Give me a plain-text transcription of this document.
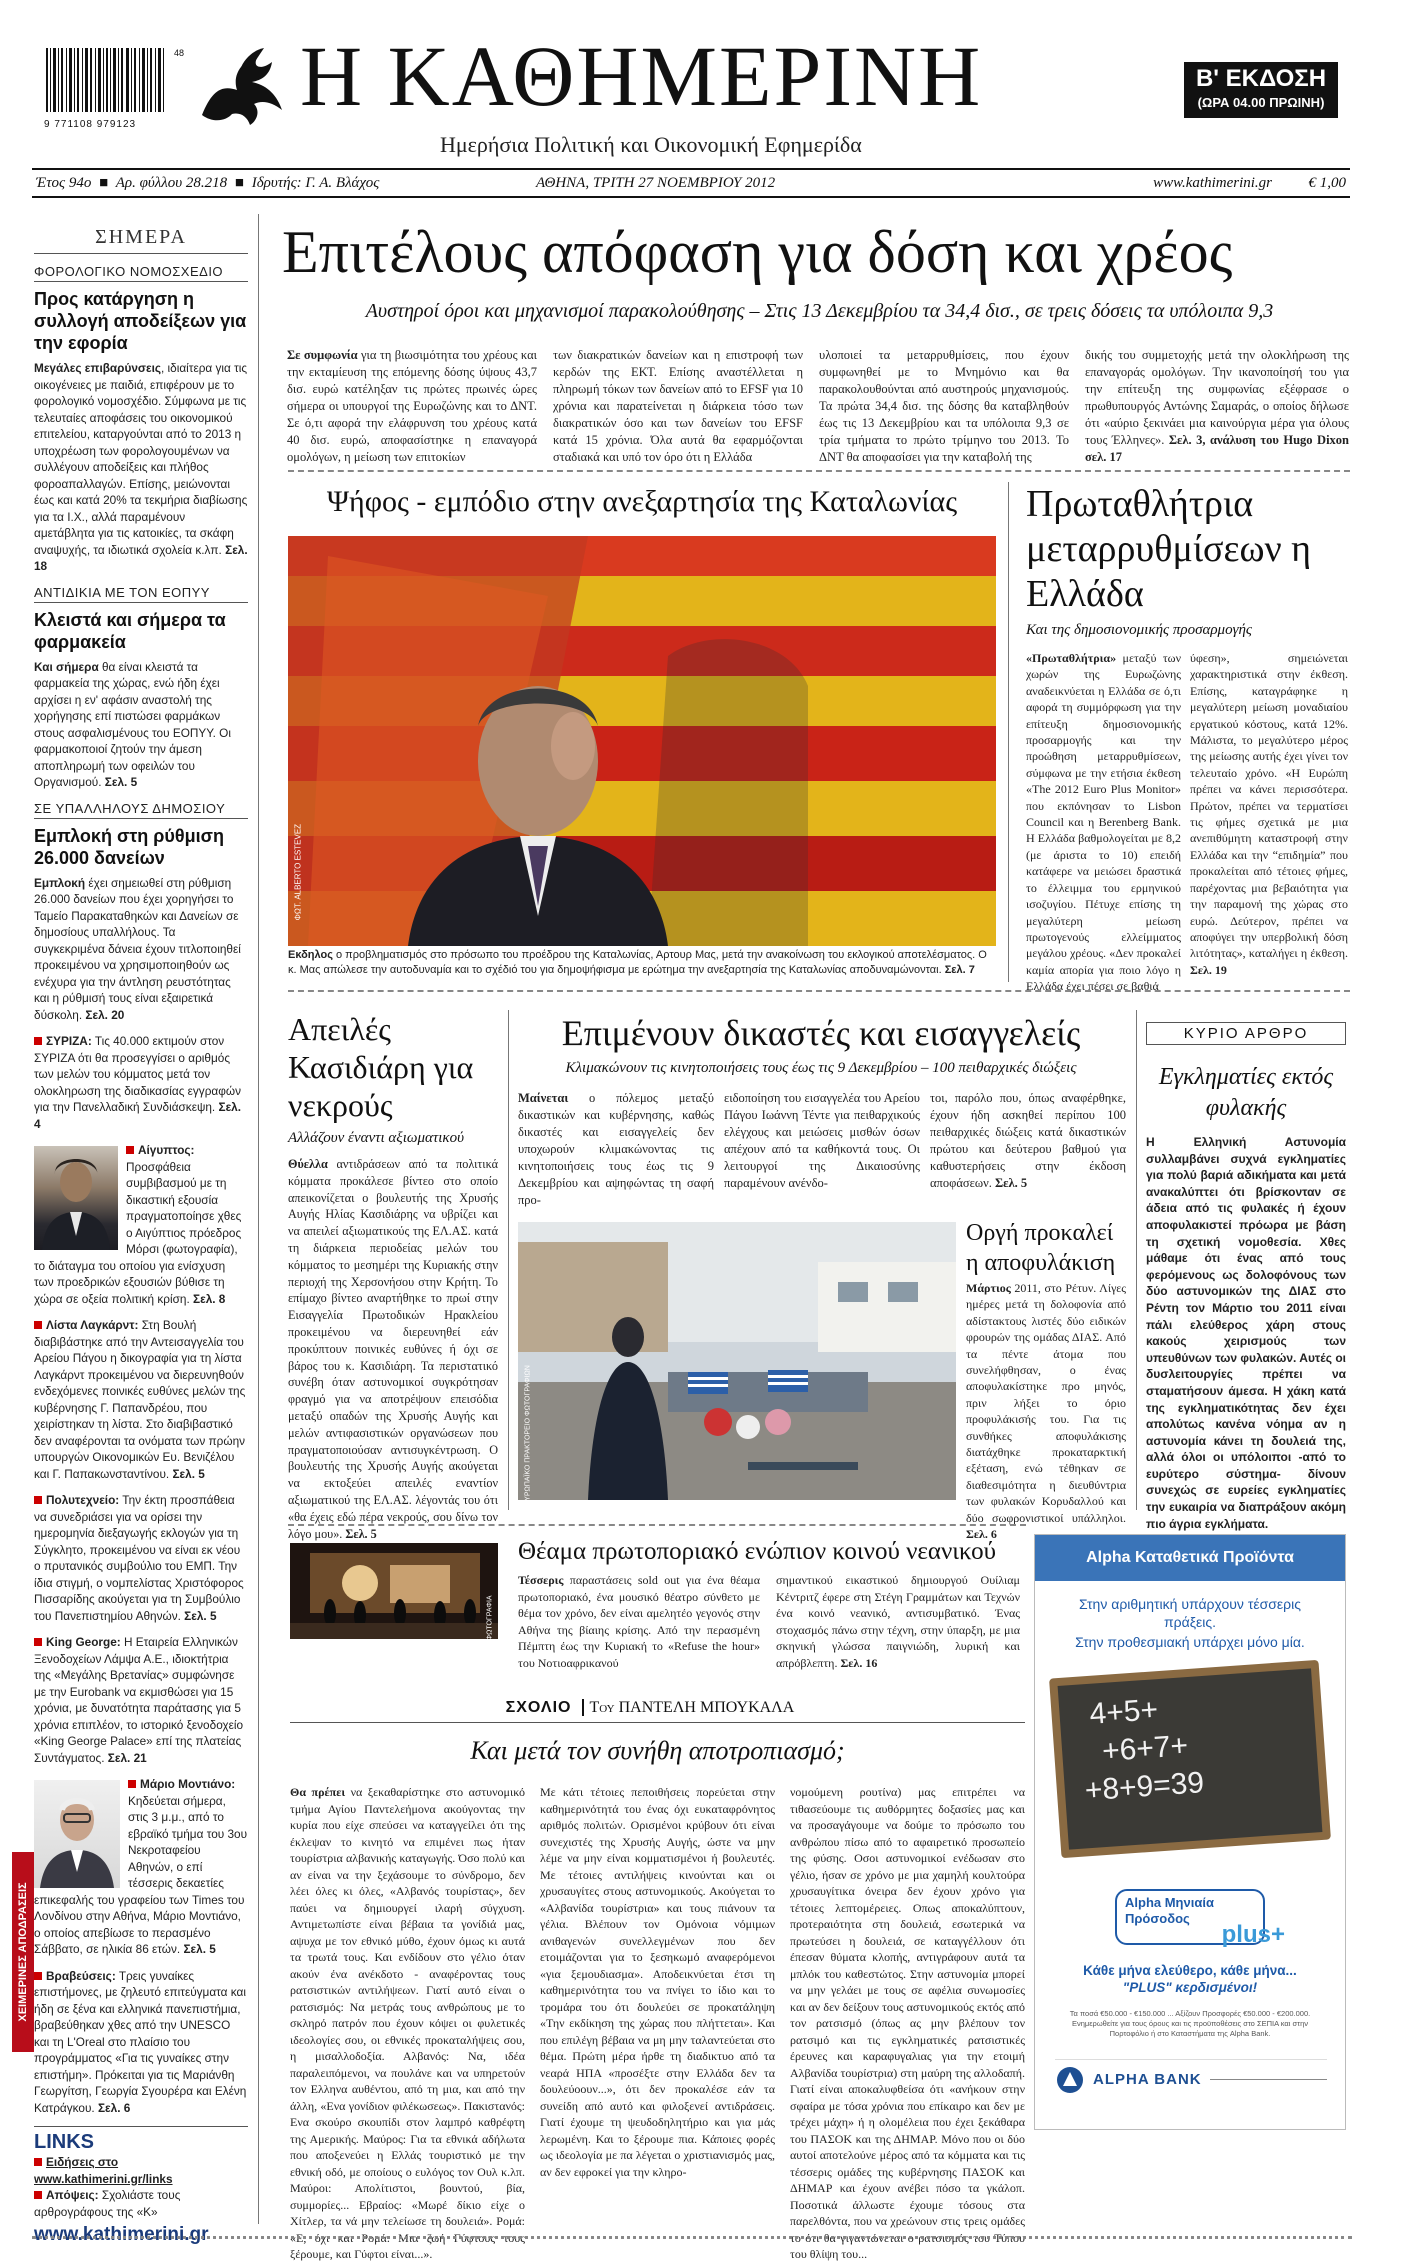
48
9 771108 979123
Η ΚΑΘΗΜΕΡΙΝΗ
Ημερήσια Πολιτική και Οικονομική Εφημερίδα
Β' ΕΚΔΟΣΗ
(ΩΡΑ 04.00 ΠΡΩΙΝΗ)
Έτος 94ο ■ Αρ. φύλλου 28.218 ■ Ιδρυτής: Γ. Α. Βλάχος	ΑΘΗΝΑ, ΤΡΙΤΗ 27 ΝΟΕΜΒΡΙΟΥ 2012	www.kathimerini.gr € 1,00
ΣΗΜΕΡΑ
ΦΟΡΟΛΟΓΙΚΟ ΝΟΜΟΣΧΕΔΙΟ
Προς κατάργηση η συλλογή αποδείξεων για την εφορία
Μεγάλες επιβαρύνσεις, ιδιαίτερα για τις οικογένειες με παιδιά, επιφέρουν με το φορολογικό νομοσχέδιο. Σύμφωνα με τις τελευταίες αποφάσεις του οικονομικού επιτελείου, καταργούνται από το 2013 η υποχρέωση των φορολογουμένων να συλλέγουν αποδείξεις και πλήθος φοροαπαλλαγών. Επίσης, μειώνονται έως και κατά 20% τα τεκμήρια διαβίωσης για τα Ι.Χ., αλλά παραμένουν αμετάβλητα για τις κατοικίες, τα σκάφη αναψυχής, τα ιδιωτικά σχολεία κ.λπ. Σελ. 18
ΑΝΤΙΔΙΚΙΑ ΜΕ ΤΟΝ ΕΟΠΥΥ
Κλειστά και σήμερα τα φαρμακεία
Και σήμερα θα είναι κλειστά τα φαρμακεία της χώρας, ενώ ήδη έχει αρχίσει η εν' αφάσιν αναστολή της χορήγησης επί πιστώσει φαρμάκων στους ασφαλισμένους του ΕΟΠΥΥ. Οι φαρμακοποιοί ζητούν την άμεση αποπληρωμή των οφειλών του Οργανισμού. Σελ. 5
ΣΕ ΥΠΑΛΛΗΛΟΥΣ ΔΗΜΟΣΙΟΥ
Εμπλοκή στη ρύθμιση 26.000 δανείων
Εμπλοκή έχει σημειωθεί στη ρύθμιση 26.000 δανείων που έχει χορηγήσει το Ταμείο Παρακαταθηκών και Δανείων σε δημοσίους υπαλλήλους. Τα συγκεκριμένα δάνεια έχουν τιτλοποιηθεί προκειμένου να χρησιμοποιηθούν ως ενέχυρα για την άντληση ρευστότητας και η ρύθμισή τους είναι εξαιρετικά δύσκολη. Σελ. 20
ΣΥΡΙΖΑ: Τις 40.000 εκτιμούν στον ΣΥΡΙΖΑ ότι θα προσεγγίσει ο αριθμός των μελών του κόμματος μετά τον ολοκληρωση της διαδικασίας εγγραφών για την Πανελλαδική Συνδιάσκεψη. Σελ. 4
Αίγυπτος:
Προσφάθεια συμβιβασμού με τη δικαστική εξουσία πραγματοποίησε χθες ο Αιγύπτιος πρόεδρος Μόρσι (φωτογραφία), το διάταγμα του οποίου για ενίσχυση των προεδρικών εξουσιών βύθισε τη χώρα σε οξεία πολιτική κρίση. Σελ. 8
Λίστα Λαγκάρντ: Στη Βουλή διαβιβάστηκε από την Αντεισαγγελία του Αρείου Πάγου η δικογραφία για τη λίστα Λαγκάρντ προκειμένου να διερευνηθούν ενδεχόμενες ποινικές ευθύνες μελών της κυβέρνησης Γ. Παπανδρέου, που χειρίστηκαν τη λίστα. Στο διαβιβαστικό δεν αναφέρονται τα ονόματα των πρώην υπουργών Οικονομικών Ευ. Βενιζέλου και Γ. Παπακωνσταντίνου. Σελ. 5
Πολυτεχνείο: Την έκτη προσπάθεια να συνεδριάσει για να ορίσει την ημερομηνία διεξαγωγής εκλογών για τη Σύγκλητο, προκειμένου να είναι εκ νέου ο πρυτανικός συμβούλιο του ΕΜΠ. Την ίδια στιγμή, ο νομπελίστας Χριστόφορος Πισσαρίδης ακούγεται για τη Συμβούλιο του Πανεπιστημίου Αθηνών. Σελ. 5
King George: Η Εταιρεία Ελληνικών Ξενοδοχείων Λάμψα Α.Ε., ιδιοκτήτρια της «Μεγάλης Βρετανίας» συμφώνησε με την Eurobank να εκμισθώσει για 15 χρόνια, με δυνατότητα παράτασης για 5 χρόνια επιπλέον, το ιστορικό ξενοδοχείο «King George Palace» επί της πλατείας Συντάγματος. Σελ. 21
Μάριο Μοντιάνο:
Κηδεύεται σήμερα, στις 3 μ.μ., από το εβραϊκό τμήμα του 3ου Νεκροταφείου Αθηνών, ο επί τέσσερις δεκαετίες επικεφαλής του γραφείου των Times του Λονδίνου στην Αθήνα, Μάριο Μοντιάνο, ο οποίος απεβίωσε το περασμένο Σάββατο, σε ηλικία 86 ετών. Σελ. 5
Βραβεύσεις: Τρεις γυναίκες επιστήμονες, με ζηλευτό επιτεύγματα και ήδη σε ξένα και ελληνικά πανεπιστήμια, βραβεύθηκαν χθες από την UNESCO και τη L'Oreal στο πλαίσιο του προγράμματος «Για τις γυναίκες στην επιστήμη». Πρόκειται για τις Μαριάνθη Γεωργίτση, Γεωργία Σγουρέρα και Ελένη Κατράγκου. Σελ. 6
LINKS
Ειδήσεις στο www.kathimerini.gr/links
Απόψεις: Σχολιάστε τους αρθρογράφους της «Κ»
www.kathimerini.gr
ΧΕΙΜΕΡΙΝΕΣ ΑΠΟΔΡΑΣΕΙΣ
Επιτέλους απόφαση για δόση και χρέος
Αυστηροί όροι και μηχανισμοί παρακολούθησης – Στις 13 Δεκεμβρίου τα 34,4 δισ., σε τρεις δόσεις τα υπόλοιπα 9,3
Σε συμφωνία για τη βιωσιμότητα του χρέους και την εκταμίευση της επόμενης δόσης ύψους 43,7 δισ. ευρώ κατέληξαν τις πρώτες πρωινές ώρες σήμερα οι υπουργοί της Ευρωζώνης και το ΔΝΤ. Σε ό,τι αφορά την ελάφρυνση του χρέους κατά 40 δισ. ευρώ, αποφασίστηκε η επαναγορά ομολόγων, η μείωση των επιτοκίων
των διακρατικών δανείων και η επιστροφή των κερδών της ΕΚΤ. Επίσης αναστέλλεται η πληρωμή τόκων των δανείων από το EFSF για 10 χρόνια και παρατείνεται η διάρκεια τόσο των διακρατικών όσο και των δανείων του EFSF κατά 15 χρόνια. Όλα αυτά θα εφαρμόζονται σταδιακά και υπό τον όρο ότι η Ελλάδα
υλοποιεί τα μεταρρυθμίσεις, που έχουν συμφωνηθεί με το Μνημόνιο και θα παρακολουθούνται από αυστηρούς μηχανισμούς. Τα πρώτα 34,4 δισ. της δόσης θα καταβληθούν έως τις 13 Δεκεμβρίου και τα υπόλοιπα 9,3 σε τρία τμήματα το πρώτο τρίμηνο του 2013. Το ΔΝΤ θα αποφασίσει για την καταβολή της
δικής του συμμετοχής μετά την ολοκλήρωση της επαναγοράς ομολόγων. Την ικανοποίησή του για την επίτευξη της συμφωνίας εξέφρασε ο πρωθυπουργός Αντώνης Σαμαράς, ο οποίος δήλωσε ότι «αύριο ξεκινάει μια καινούργια μέρα για όλους τους Έλληνες». Σελ. 3, ανάλυση του Hugo Dixon σελ. 17
Ψήφος - εμπόδιο στην ανεξαρτησία της Καταλωνίας
ΦΩΤ. ALBERTO ESTEVEZ
Εκδηλος ο προβληματισμός στο πρόσωπο του προέδρου της Καταλωνίας, Αρτουρ Μας, μετά την ανακοίνωση του εκλογικού αποτελέσματος. Ο κ. Μας απώλεσε την αυτοδυναμία και το σχέδιό του για δημοψήφισμα με ερώτημα την ανεξαρτησία της Καταλωνίας αποδυναμώνονται. Σελ. 7
Πρωταθλήτρια μεταρρυθμίσεων η Ελλάδα
Και της δημοσιονομικής προσαρμογής
«Πρωταθλήτρια» μεταξύ των χωρών της Ευρωζώνης αναδεικνύεται η Ελλάδα σε ό,τι αφορά τη συμμόρφωση για την επίτευξη δημοσιονομικής προσαρμογής και την προώθηση μεταρρυθμίσεων, σύμφωνα με την ετήσια έκθεση «The 2012 Euro Plus Monitor» που εκπόνησαν το Lisbon Council και η Berenberg Bank. Η Ελλάδα βαθμολογείται με 8,2 (με άριστα το 10) επειδή κατάφερε να μειώσει δραστικά το έλλειμμα του ερμηνικού ισοζυγίου. Πέτυχε επίσης τη μεγαλύτερη μείωση πρωτογενούς ελλείμματος μεγάλου χρέους. «Δεν προκαλεί καμία απορία για ποιο λόγο η Ελλάδα έχει πέσει σε βαθιά
ύφεση», σημειώνεται χαρακτηριστικά στην έκθεση. Επίσης, καταγράφηκε η μεγαλύτερη μείωση μοναδιαίου εργατικού κόστους, κατά 12%. Μάλιστα, το μεγαλύτερο μέρος της μείωσης αυτής έχει γίνει τον τελευταίο χρόνο. «Η Ευρώπη πρέπει να κάνει περισσότερα. Πρώτον, πρέπει να τερματίσει τις φήμες σχετικά με μια ανεπιθύμητη καταστροφή στην Ελλάδα και την “επιδημία” που προκαλείται από τέτοιες φήμες, παρέχοντας μια βεβαιότητα για την παραμονή της χώρας στο ευρώ. Δεύτερον, πρέπει να αποφύγει την υπερβολική δόση λιτότητας», καταλήγει η έκθεση. Σελ. 19
Απειλές Κασιδιάρη για νεκρούς
Αλλάζουν έναντι αξιωματικού
Θύελλα αντιδράσεων από τα πολιτικά κόμματα προκάλεσε βίντεο στο οποίο απεικονίζεται ο βουλευτής της Χρυσής Αυγής Ηλίας Κασιδιάρης να υβρίζει και να απειλεί αξιωματικούς της ΕΛ.ΑΣ. κατά τη διάρκεια περιοδείας μελών του κόμματος το μεσημέρι της Κυριακής στην περιοχή της Χερσονήσου στην Κρήτη. Το επίμαχο βίντεο αναρτήθηκε το πρωί στην Εισαγγελία Πρωτοδικών Ηρακλείου προκειμένου να διερευνηθεί εάν προκύπτουν ποινικές ευθύνες ή όχι σε βάρος του κ. Κασιδιάρη. Τα περιστατικό συνέβη όταν αστυνομικοί συγκρότησαν φραγμό για να αποτρέψουν επεισόδια μεταξύ οπαδών της Χρυσής Αυγής και μελών αντιφασιστικών οργανώσεων που πραγματοποιούσαν αντισυγκέντρωση. Ο βουλευτής της Χρυσής Αυγής ακούγεται να εκτοξεύει απειλές εναντίον αξιωματικού της ΕΛ.ΑΣ. λέγοντάς του ότι «θα έχεις εδώ πέρα νεκρούς, σου δίνω τον λόγο μου». Σελ. 5
Επιμένουν δικαστές και εισαγγελείς
Κλιμακώνουν τις κινητοποιήσεις τους έως τις 9 Δεκεμβρίου – 100 πειθαρχικές διώξεις
Μαίνεται ο πόλεμος μεταξύ δικαστικών και κυβέρνησης, καθώς δικαστές και εισαγγελείς δεν υποχωρούν κλιμακώνοντας τις κινητοποιήσεις τους έως τις 9 Δεκεμβρίου και αψηφώντας τη σαφή προ-
ειδοποίηση του εισαγγελέα του Αρείου Πάγου Ιωάννη Τέντε για πειθαρχικούς ελέγχους και μειώσεις μισθών όσων απέχουν από τα καθήκοντά τους. Οι λειτουργοί της Δικαιοσύνης παραμένουν ανένδο-
τοι, παρόλο που, όπως αναφέρθηκε, έχουν ήδη ασκηθεί περίπου 100 πειθαρχικές διώξεις κατά δικαστικών πρώτου και δεύτερου βαθμού για καθυστερήσεις στην έκδοση αποφάσεων. Σελ. 5
ΕΥΡΩΠΑΪΚΟ ΠΡΑΚΤΟΡΕΙΟ ΦΩΤΟΓΡΑΦΙΩΝ
Οργή προκαλεί η αποφυλάκιση
Μάρτιος 2011, στο Ρέτυν. Λίγες ημέρες μετά τη δολοφονία από αδίστακτους λιστές δύο ειδικών φρουρών της ομάδας ΔΙΑΣ. Από τα πέντε άτομα που συνελήφθησαν, ο ένας αποφυλακίστηκε προ μηνός, πριν λήξει το όριο προφυλάκισής του. Για τις συνθήκες αποφυλάκισης διατάχθηκε προκαταρκτική εξέταση, ενώ τέθηκαν σε διαθεσιμότητα η διευθύντρια των φυλακών Κορυδαλλού και δύο σωφρονιστικοί υπάλληλοι. Σελ. 6
ΚΥΡΙΟ ΑΡΘΡΟ
Εγκληματίες εκτός φυλακής
Η Ελληνική Αστυνομία συλλαμβάνει συχνά εγκληματίες για πολύ βαριά αδικήματα και μετά ανακαλύπτει ότι βρίσκονταν σε άδεια από τις φυλακές ή έχουν αποφυλακιστεί πρόωρα με βάση τη σχετική νομοθεσία. Χθες μάθαμε ότι ένας από τους φερόμενους ως δολοφόνους των δύο αστυνομικών της ΔΙΑΣ στο Ρέντη τον Μάρτιο του 2011 είναι πάλι ελεύθερος χάρη στους κακούς χειρισμούς των υπευθύνων των φυλακών. Αυτές οι δυσλειτουργίες πρέπει να σταματήσουν άμεσα. Η χάκη κατά της εγκληματικότητας δεν έχει απολύτως κανένα νόημα αν η αστυνομία κάνει τη δουλειά της, αλλά όλοι οι υπόλοιποι -από το ευρύτερο σύστημα- δίνουν συνεχώς σε ευρείες εγκληματίες την ευκαιρία να διαπράξουν ακόμη πιο άγρια εγκλήματα.
ΦΩΤΟΓΡΑΦΙΑ
Θέαμα πρωτοποριακό ενώπιον κοινού νεανικού
Τέσσερις παραστάσεις sold out για ένα θέαμα πρωτοποριακό, ένα μουσικό θέατρο σύνθετο με θέμα τον χρόνο, δεν είναι αμελητέο γεγονός στην Αθήνα της βίαιης κρίσης. Από την περασμένη Πέμπτη έως την Κυριακή το «Refuse the hour» του Νοτιοαφρικανού
σημαντικού εικαστικού δημιουργού Ουίλιαμ Κέντριτζ έφερε στη Στέγη Γραμμάτων και Τεχνών ένα κοινό νεανικό, αντισυμβατικό. Ένας στοχασμός πάνω στην τέχνη, στην ύπαρξη, με μια σκηνική γλώσσα παιγνιώδη, λυρική και απρόβλεπτη. Σελ. 16
ΣΧΟΛΙΟ Του ΠΑΝΤΕΛΗ ΜΠΟΥΚΑΛΑ
Και μετά τον συνήθη αποτροπιασμό;
Θα πρέπει να ξεκαθαρίστηκε στο αστυνομικό τμήμα Αγίου Παντελεήμονα ακούγοντας την κυρία που είχε σπεύσει να καταγγείλει ότι της έκλεψαν το κινητό να επιμένει πως ήταν τουρίστρια αλβανικής καταγωγής. Όσο πολύ και αν είναι να την ξεχάσουμε το σύνδρομο, δεν λέει όλες κι όλες, «Αλβανός τουρίστας», δεν παύει να δημιουργεί ιλαρή σύγχυση. Αντιμετωπίστε είναι βέβαια τα γονίδιά μας, αψυχα με τον εθνικό μύθο, έχουν όμως κι αυτά τα τρωτά τους. Και ενδίδουν στο γέλιο όταν ακούν ένα ανέκδοτο - αναφέροντας τους ρατσιστικών αντιλήψεων. Γιατί αυτό είναι ο ρατσισμός: Να μετράς τους ανθρώπους με το σκληρό πατρόν που έχουν κόψει οι φυλετικές ιδεολογίες σου, οι εθνικές προκαταλήψεις σου, η μισαλλοδοξία. Αλβανός: Να, ιδέα παραλειπόμενοι, να πουλάνε και να υπηρετούν τον Ελληνα αυθέντου, από τη μια, και από την άλλη, «Ενα γονίδιον φιλέκωσεως». Πακιστανός: Ενα σκούρο σκουπίδι στον λαμπρό καθρέφτη της Αμερικής. Μαύρος: Για τα εθνικά αδήλωτα που αποξενεύει η Ελλάς τουριστικό με την εθνική οδό, με οποίους ο ευλόγος τον Ουλ κ.λπ. Μαύροι: Απολίτιστοι, βουντού, βία, συμμορίες... Εβραίος: «Μωρέ δίκιο είχε ο Χίτλερ, τα νά μην τελείωσε τη δουλειά». Ρομά: «Ε, όχι και Ρομά. Μια ζωή Γύφτους τους ξέρουμε, και Γύφτοι είναι...».
Με κάτι τέτοιες πεποιθήσεις πορεύεται στην καθημερινότητά του ένας όχι ευκαταφρόνητος αριθμός πολιτών. Ορισμένοι κρύβουν ότι είναι συνεχιστές της Χρυσής Αυγής, ώστε να μην λέμε να μην είναι κομματισμένοι ή βουλευτές. Με τέτοιες αντιλήψεις κινούνται και οι χρυσαυγίτες στους αστυνομικούς. Ακούγεται το «Αλβανίδα τουρίστρια» και τους πιάνουν τα γέλια. Βλέπουν τον Ομόνοια νόμιμων ανιθαγενών συνελλεγμένων που δεν ετοιμάζονται για το ξεσηκωμό αναφερόμενοι «για ξεμουδιασμα». Αποδεικνύεται έτσι τη καθημερινότητα του να πνίγει το ίδιο και το τρομάρα του ότι δουλεύει σε προκατάληψη «Την εκδίκηση της χώρας που πλήττεται». Και που επιλέγη βέβαια να μη μην ταλαντεύεται στο θέμα. Πρώτη μέρα ήρθε τη διαδικτυο από τα νεαρά ΗΠΑ «προσέξτε στην Ελλάδα δεν τα δουλεύοουν...», ότι δεν προκαλέσε εάν τα συνείδη από αυτό και φιλοξενεί αντιδράσεις. Γιατί έχουμε τη ψευδοδηλητήριο και για μάς λερωμένη. Και το ξέρουμε πια. Κάποιες φορές ως ιδεολογία με πα λέγεται ο χριστιανισμός μας, αν δεν εφροκεί για την κληρο-
νομούμενη ρουτίνα) μας επιτρέπει να τιθασεύουμε τις αυθόρμητες δοξασίες μας και να προσαγάγουμε να δούμε το πρόσωπο του ανθρώπου πίσω από το αφαιρετικό προσωπείο της φύσης. Οσοι αστυνομικοί ενέδωσαν στο γέλιο, ήσαν σε χρόνο με μια χαμηλή κουλτούρα χρυσαυγίτικα όνειρα δεν έχουν χρόνο για τέτοιες λεπτομέρειες. Οπως αποκαλύπτουν, προτεραιότητα στη δουλειά, εσωτερικά να πρωτεύσει η δουλειά, σε καταγγέλλουν ότι έπεσαν θύματα κλοπής, αντιγράφουν αυτά τα μπλόκ του καθεστώτος. Στην αστυνομία μπορεί να μην γελάει με τους σε αφέλια συνωμοσίες και αν δεν δείξουν τους αστυνομικούς εκτός από τον ρατσισμό (όπως ας μην βλέπουν τον ρατσιμό και τις εγκληματικές ρατσιστικές έρευνες και καραφυγαλιας για την ετοιμή Αλβανίδα τουρίστρια) στη μαύρη της αλλοδαπή. Γιατί είναι αποκαλυφθείσα ότι «ανήκουν στην σφαίρα με τόσα χρόνια που επίκαιρο και δεν με τρέχει μάχη» ή η ολομέλεια που έχει ξεκάθαρα του ΠΑΣΟΚ και της ΔΗΜΑΡ. Μόνο που οι δύο αυτοί αποτελούνε μέρος από τα κόμματα και τις τέσσερις ομάδες της κυβέρνησης ΠΑΣΟΚ και ΔΗΜΑΡ και έχουν ανέβει πόσο τα γκάλοπ. Ποσοτικά άλλωστε έχουμε τόσους στα παρελθόντα, που να χρεώνουν στις τρεις ομάδες το ότι θα γιγαντώνεται ο ρατσισμός του Τύπου του θλίψη του...
Alpha Καταθετικά Προϊόντα
Στην αριθμητική υπάρχουν τέσσερις πράξεις.
Στην προθεσμιακή υπάρχει μόνο μία.
4+5+
+6+7+
+8+9=39
Alpha Μηνιαία
Πρόσοδος
plus+
Κάθε μήνα ελεύθερο, κάθε μήνα...
"PLUS" κερδισμένοι!
Τα ποσά €50.000 - €150.000 ... Αξίζουν Προσφορές €50.000 - €200.000. Ενημερωθείτε για τους όρους και τις προϋποθέσεις στο ΣΕΠΙΑ και στην Πορτοφόλιο ή στο Καταστήματα της Alpha Bank.
ALPHA BANK
